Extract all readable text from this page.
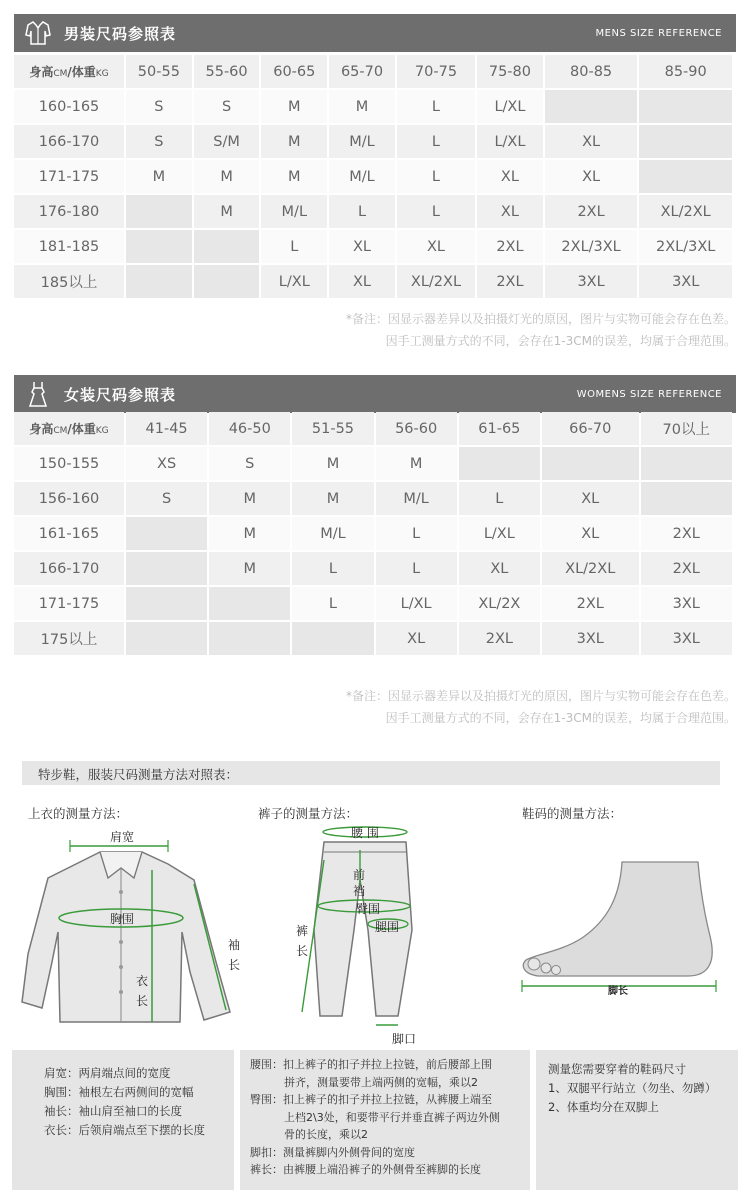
男装尺码参照表	MENS SIZE REFERENCE
身高CM/体重KG	50-55	55-60	60-65	65-70	70-75	75-80	80-85	85-90
160-165	S	S	M	M	L	L/XL		
166-170	S	S/M	M	M/L	L	L/XL	XL	
171-175	M	M	M	M/L	L	XL	XL	
176-180		M	M/L	L	L	XL	2XL	XL/2XL
181-185			L	XL	XL	2XL	2XL/3XL	2XL/3XL
185以上			L/XL	XL	XL/2XL	2XL	3XL	3XL
*备注：因显示器差异以及拍摄灯光的原因，图片与实物可能会存在色差。
因手工测量方式的不同，会存在1-3CM的误差，均属于合理范围。
女装尺码参照表	WOMENS SIZE REFERENCE
身高CM/体重KG	41-45	46-50	51-55	56-60	61-65	66-70	70以上
150-155	XS	S	M	M			
156-160	S	M	M	M/L	L	XL	
161-165		M	M/L	L	L/XL	XL	2XL
166-170		M	L	L	XL	XL/2XL	2XL
171-175			L	L/XL	XL/2X	2XL	3XL
175以上				XL	2XL	3XL	3XL
*备注：因显示器差异以及拍摄灯光的原因，图片与实物可能会存在色差。
因手工测量方式的不同，会存在1-3CM的误差，均属于合理范围。
特步鞋，服装尺码测量方法对照表：
上衣的测量方法：	裤子的测量方法：	鞋码的测量方法：
肩宽
胸围
袖
长
衣
长
腰 围
前
裆
臀围
腿围
裤
长
脚口
脚长

肩宽：两肩端点间的宽度

胸围：袖根左右两侧间的宽幅

袖长：袖山肩至袖口的长度

衣长：后领肩端点至下摆的长度

腰围：扣上裤子的扣子并拉上拉链，前后腰部上围

拼齐，测量要带上端两侧的宽幅，乘以2

臀围：扣上裤子的扣子并拉上拉链，从裤腰上端至

上档2\3处，和要带平行并垂直裤子两边外侧

骨的长度，乘以2

脚扣：测量裤脚内外侧骨间的宽度

裤长：由裤腰上端沿裤子的外侧骨至裤脚的长度

测量您需要穿着的鞋码尺寸

1、双腿平行站立（勿坐、勿蹲）

2、体重均分在双脚上
